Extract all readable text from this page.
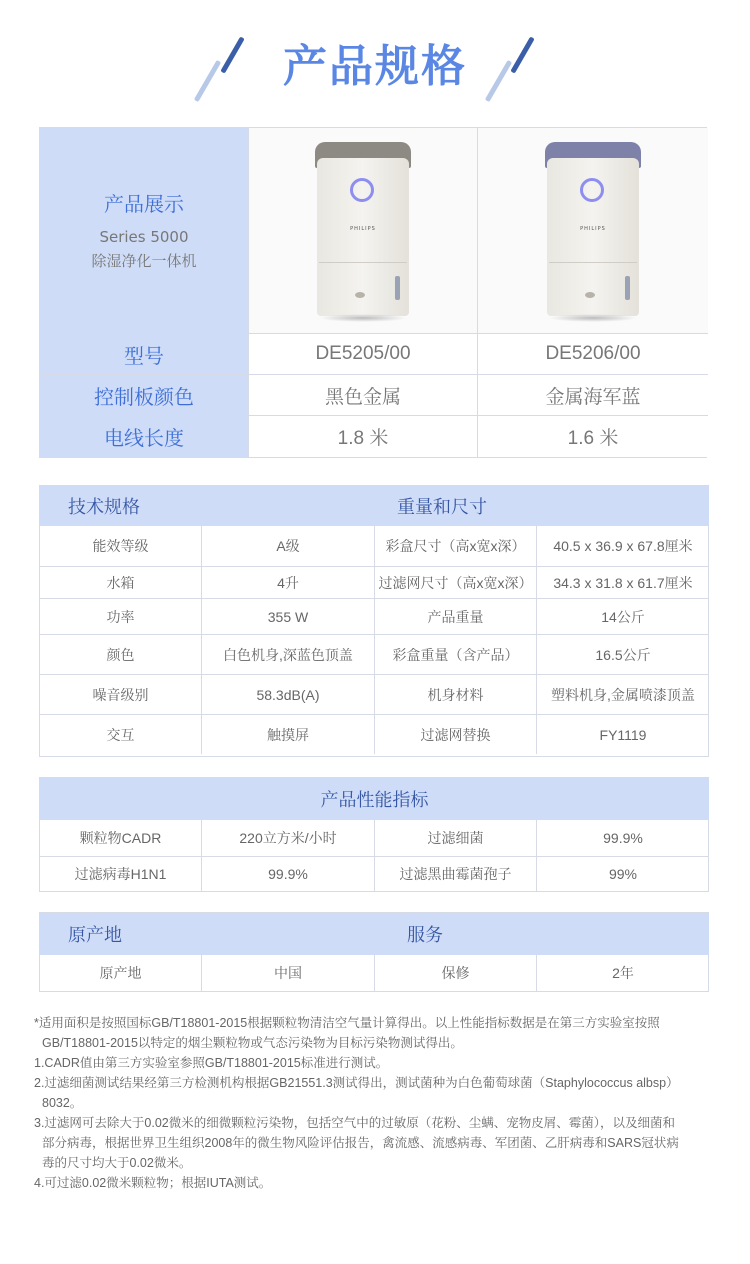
产品规格
产品展示
Series 5000
除湿净化一体机
PHILIPS	PHILIPS
型号	DE5205/00	DE5206/00
控制板颜色	黑色金属	金属海军蓝
电线长度	1.8 米	1.6 米
技术规格	重量和尺寸
能效等级	A级	彩盒尺寸（高x宽x深）	40.5 x 36.9 x 67.8厘米
水箱	4升	过滤网尺寸（高x宽x深）	34.3 x 31.8 x 61.7厘米
功率	355 W	产品重量	14公斤
颜色	白色机身,深蓝色顶盖	彩盒重量（含产品）	16.5公斤
噪音级别	58.3dB(A)	机身材料	塑料机身,金属喷漆顶盖
交互	触摸屏	过滤网替换	FY1119
产品性能指标
颗粒物CADR	220立方米/小时	过滤细菌	99.9%
过滤病毒H1N1	99.9%	过滤黑曲霉菌孢子	99%
原产地	服务
原产地	中国	保修	2年

*适用面积是按照国标GB/T18801-2015根据颗粒物清洁空气量计算得出。以上性能指标数据是在第三方实验室按照

GB/T18801-2015以特定的烟尘颗粒物或气态污染物为目标污染物测试得出。

1.CADR值由第三方实验室参照GB/T18801-2015标准进行测试。

2.过滤细菌测试结果经第三方检测机构根据GB21551.3测试得出，测试菌种为白色葡萄球菌（Staphylococcus albsp）

8032。

3.过滤网可去除大于0.02微米的细微颗粒污染物，包括空气中的过敏原（花粉、尘螨、宠物皮屑、霉菌），以及细菌和

部分病毒，根据世界卫生组织2008年的微生物风险评估报告，禽流感、流感病毒、军团菌、乙肝病毒和SARS冠状病

毒的尺寸均大于0.02微米。

4.可过滤0.02微米颗粒物；根据IUTA测试。
